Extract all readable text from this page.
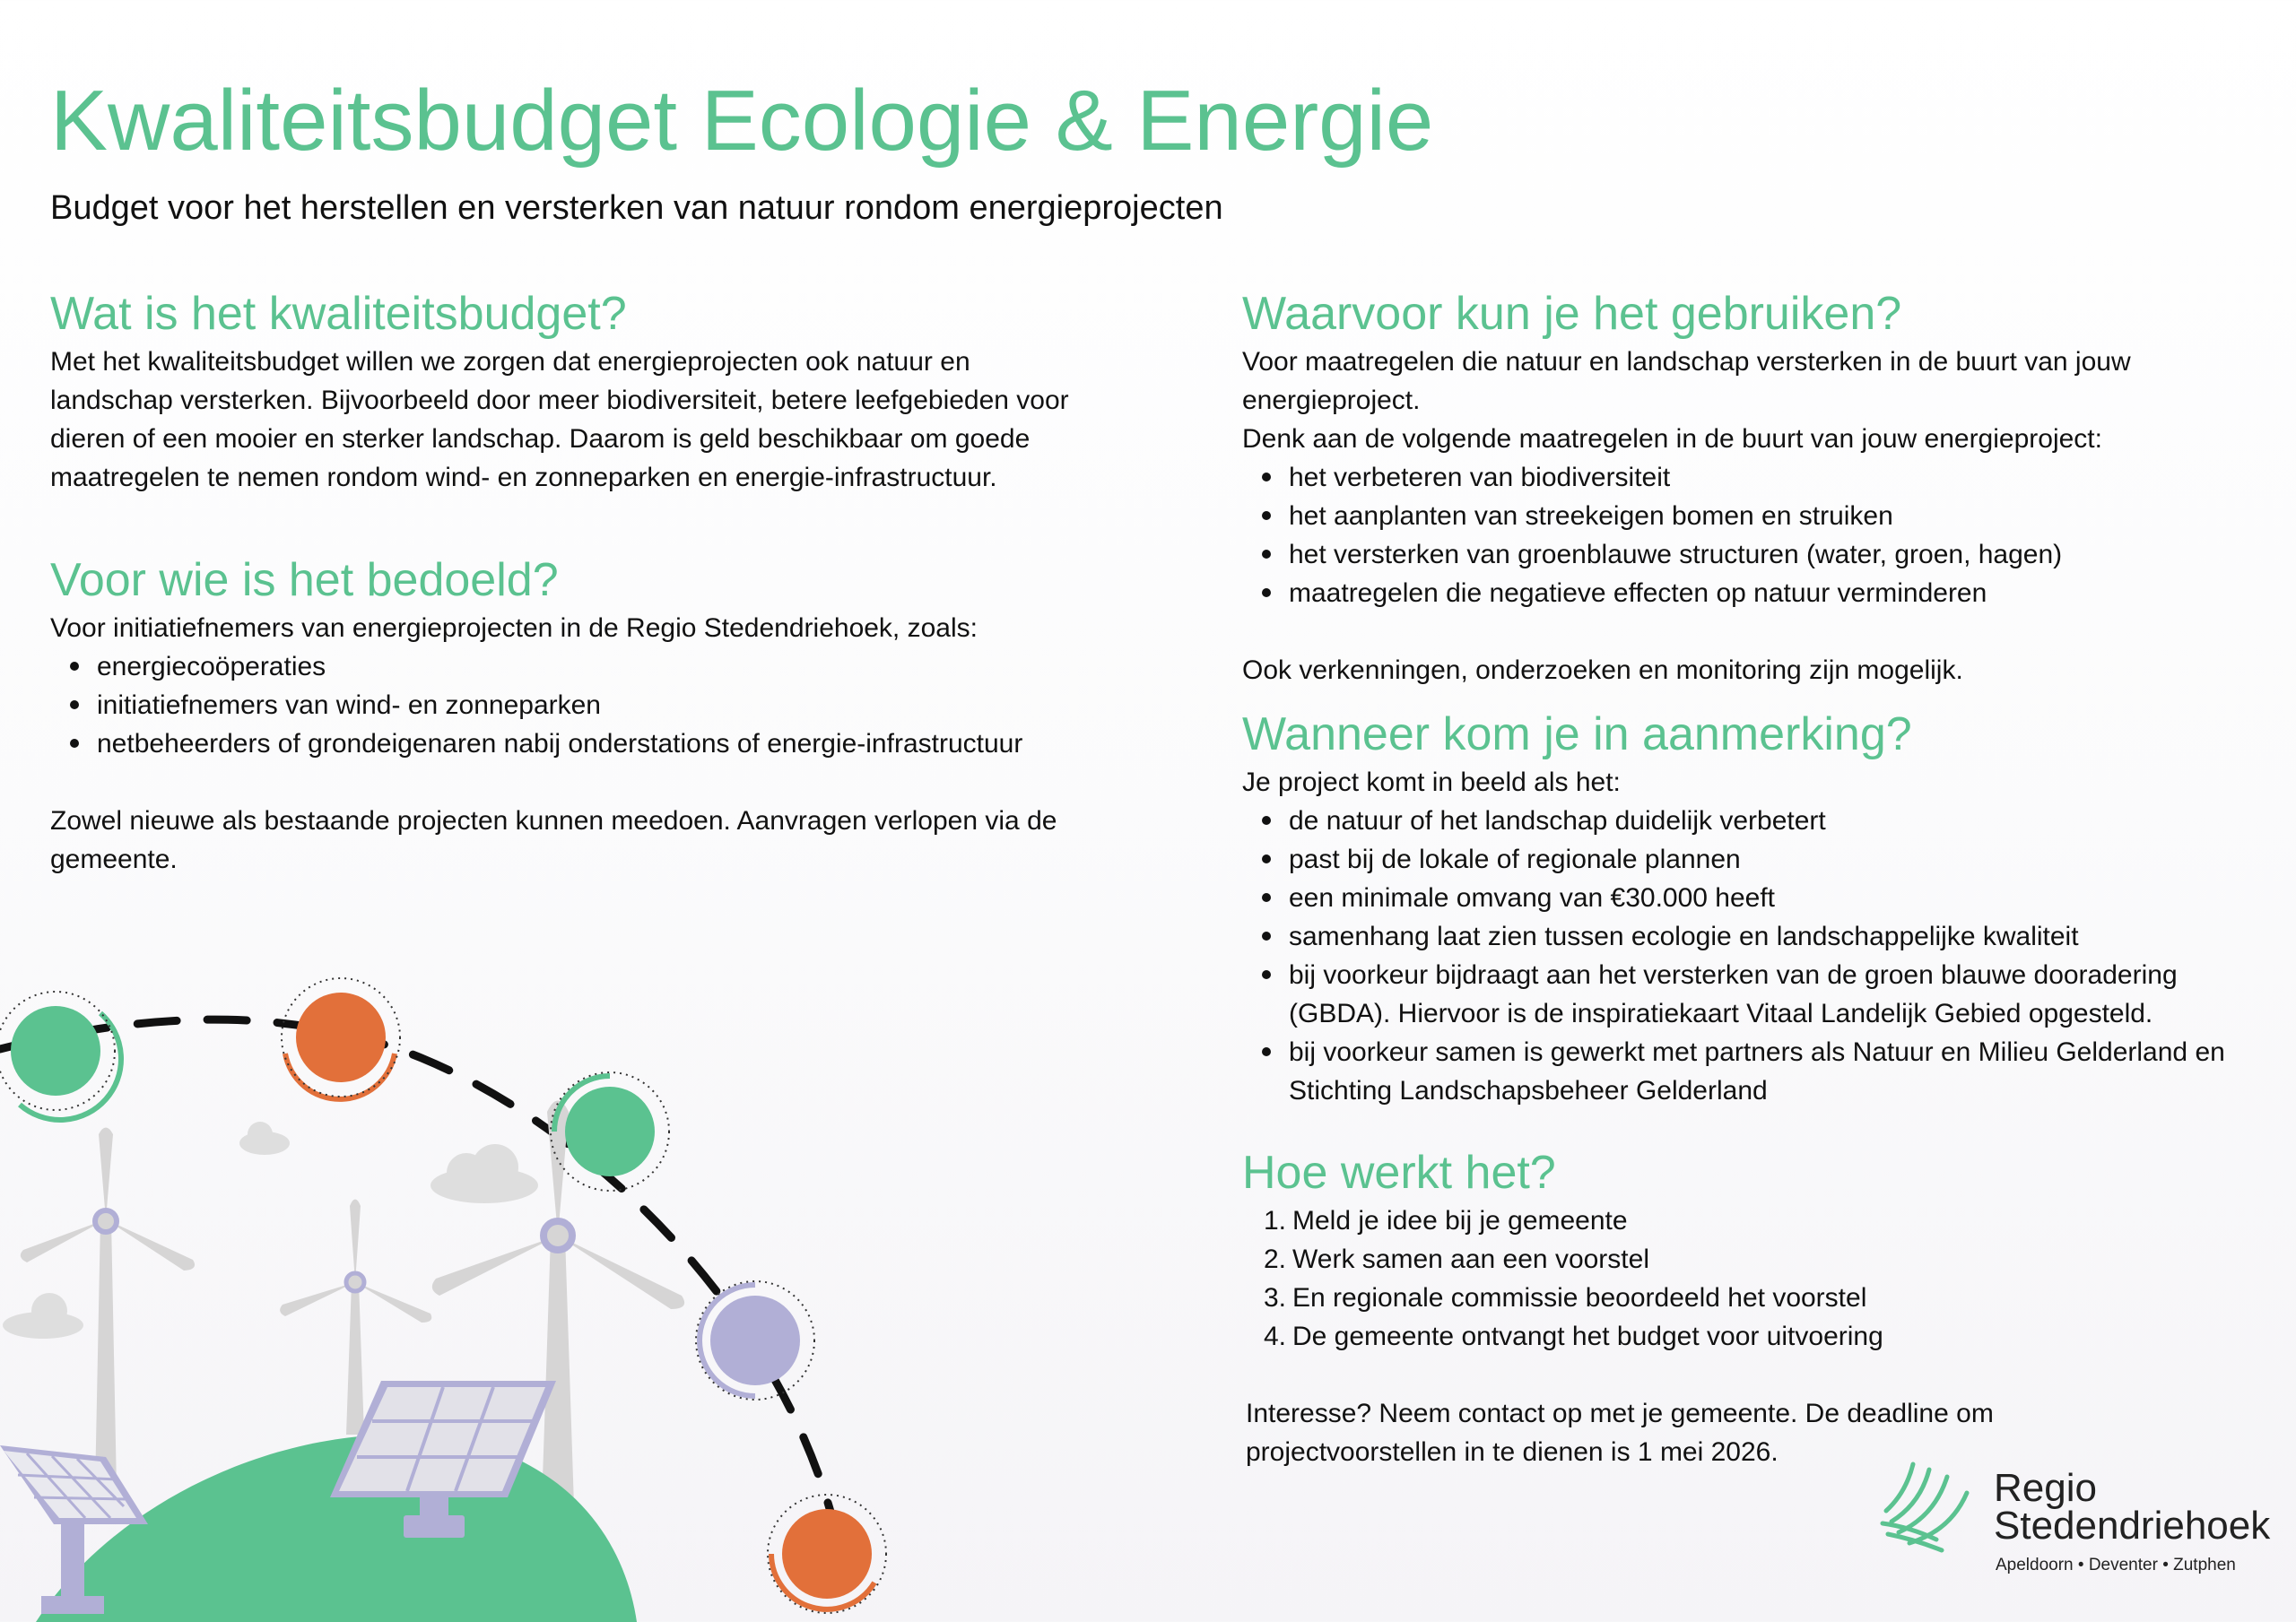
Kwaliteitsbudget Ecologie & Energie

Budget voor het herstellen en versterken van natuur rondom energieprojecten

Wat is het kwaliteitsbudget?

Met het kwaliteitsbudget willen we zorgen dat energieprojecten ook natuur en

landschap versterken. Bijvoorbeeld door meer biodiversiteit, betere leefgebieden voor

dieren of een mooier en sterker landschap. Daarom is geld beschikbaar om goede

maatregelen te nemen rondom wind- en zonneparken en energie-infrastructuur.

Voor wie is het bedoeld?

Voor initiatiefnemers van energieprojecten in de Regio Stedendriehoek, zoals:

energiecoöperaties
initiatiefnemers van wind- en zonneparken
netbeheerders of grondeigenaren nabij onderstations of energie-infrastructuur

Zowel nieuwe als bestaande projecten kunnen meedoen. Aanvragen verlopen via de

gemeente.

Waarvoor kun je het gebruiken?

Voor maatregelen die natuur en landschap versterken in de buurt van jouw

energieproject.

Denk aan de volgende maatregelen in de buurt van jouw energieproject:

het verbeteren van biodiversiteit
het aanplanten van streekeigen bomen en struiken
het versterken van groenblauwe structuren (water, groen, hagen)
maatregelen die negatieve effecten op natuur verminderen

Ook verkenningen, onderzoeken en monitoring zijn mogelijk.

Wanneer kom je in aanmerking?

Je project komt in beeld als het:

de natuur of het landschap duidelijk verbetert
past bij de lokale of regionale plannen
een minimale omvang van €30.000 heeft
samenhang laat zien tussen ecologie en landschappelijke kwaliteit
bij voorkeur bijdraagt aan het versterken van de groen blauwe dooradering
(GBDA). Hiervoor is de inspiratiekaart Vitaal Landelijk Gebied opgesteld.
bij voorkeur samen is gewerkt met partners als Natuur en Milieu Gelderland en
Stichting Landschapsbeheer Gelderland
Hoe werkt het?
1. Meld je idee bij je gemeente
2. Werk samen aan een voorstel
3. En regionale commissie beoordeeld het voorstel
4. De gemeente ontvangt het budget voor uitvoering

Interesse? Neem contact op met je gemeente. De deadline om

projectvoorstellen in te dienen is 1 mei 2026.

Regio
Stedendriehoek
Apeldoorn • Deventer • Zutphen
